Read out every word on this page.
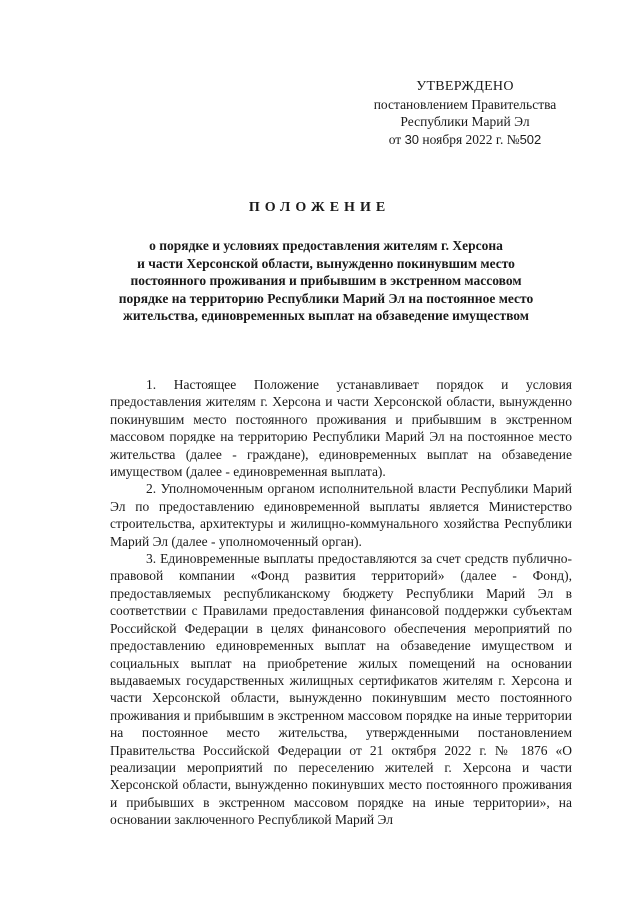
УТВЕРЖДЕНО
постановлением Правительства
Республики Марий Эл
от 30 ноября 2022 г. №502
ПОЛОЖЕНИЕ
о порядке и условиях предоставления жителям г. Херсона
и части Херсонской области, вынужденно покинувшим место
постоянного проживания и прибывшим в экстренном массовом
порядке на территорию Республики Марий Эл на постоянное место
жительства, единовременных выплат на обзаведение имуществом

1. Настоящее Положение устанавливает порядок и условия предоставления жителям г. Херсона и части Херсонской области, вынужденно покинувшим место постоянного проживания и прибывшим в экстренном массовом порядке на территорию Республики Марий Эл на постоянное место жительства (далее - граждане), единовременных выплат на обзаведение имуществом (далее - единовременная выплата).

2. Уполномоченным органом исполнительной власти Республики Марий Эл по предоставлению единовременной выплаты является Министерство строительства, архитектуры и жилищно-коммунального хозяйства Республики Марий Эл (далее - уполномоченный орган).

3. Единовременные выплаты предоставляются за счет средств публично-правовой компании «Фонд развития территорий» (далее - Фонд), предоставляемых республиканскому бюджету Республики Марий Эл в соответствии с Правилами предоставления финансовой поддержки субъектам Российской Федерации в целях финансового обеспечения мероприятий по предоставлению единовременных выплат на обзаведение имуществом и социальных выплат на приобретение жилых помещений на основании выдаваемых государственных жилищных сертификатов жителям г. Херсона и части Херсонской области, вынужденно покинувшим место постоянного проживания и прибывшим в экстренном массовом порядке на иные территории на постоянное место жительства, утвержденными постановлением Правительства Российской Федерации от 21 октября 2022 г. № 1876 «О реализации мероприятий по переселению жителей г. Херсона и части Херсонской области, вынужденно покинувших место постоянного проживания и прибывших в экстренном массовом порядке на иные территории», на основании заключенного Республикой Марий Эл
